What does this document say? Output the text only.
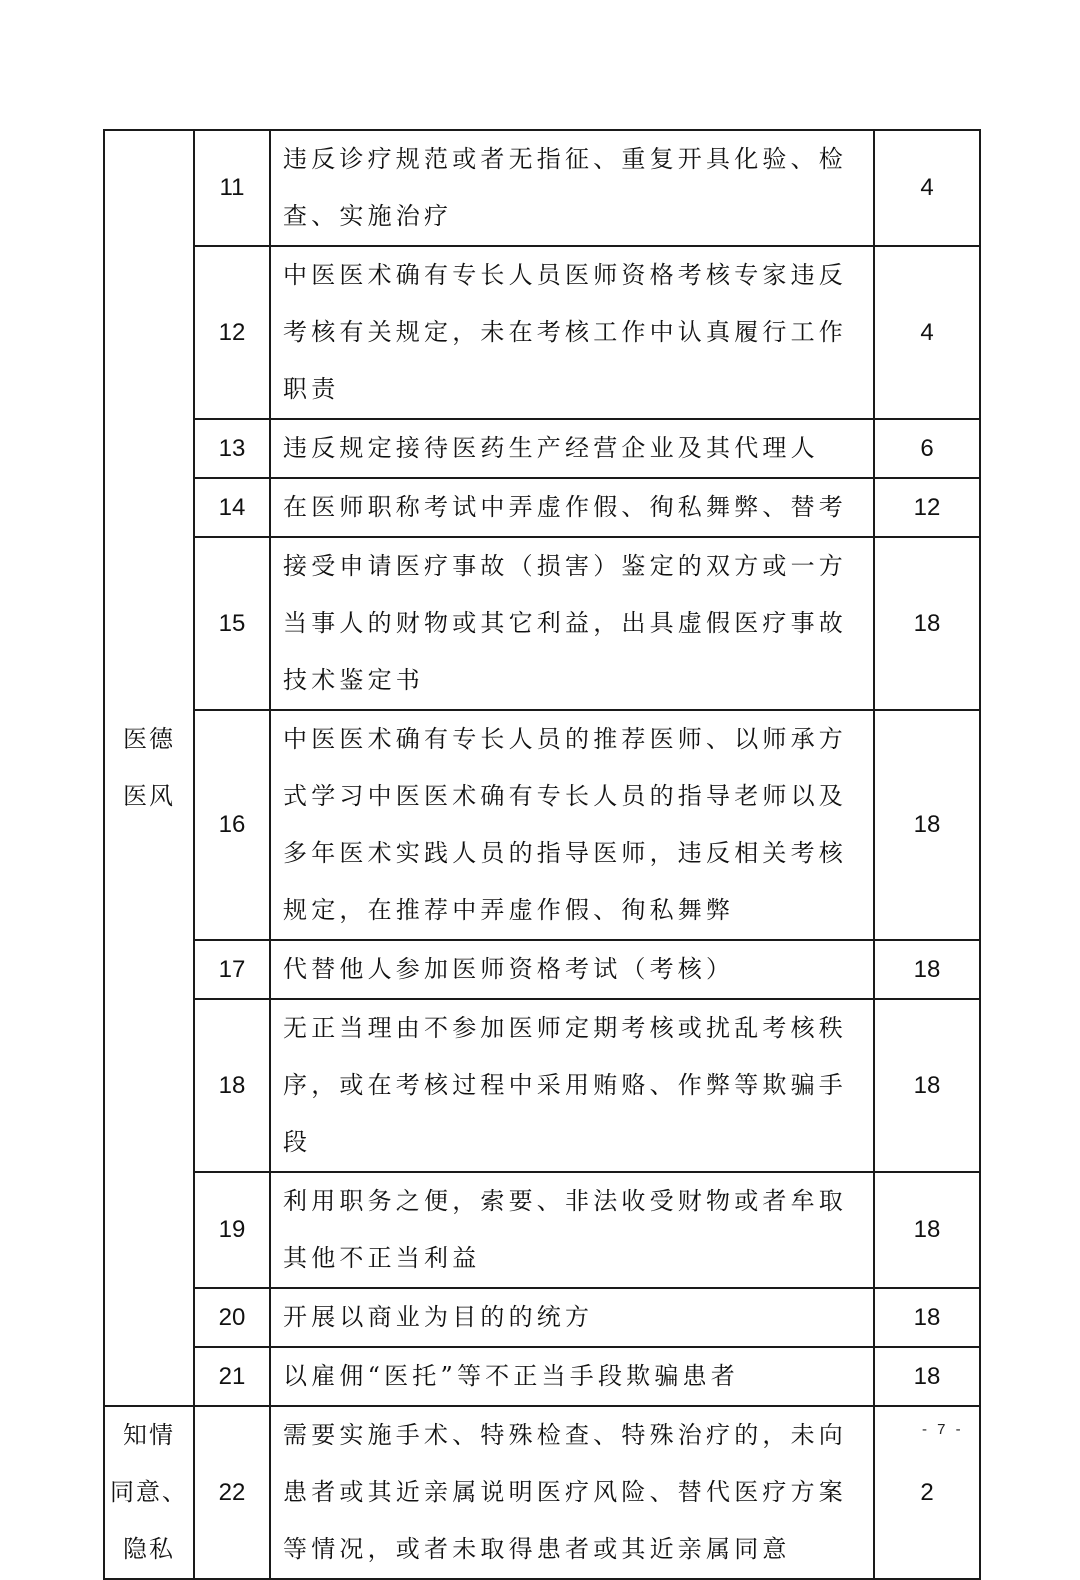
医德
医风	11	违反诊疗规范或者无指征、重复开具化验、检查、实施治疗	4
	12	中医医术确有专长人员医师资格考核专家违反考核有关规定，未在考核工作中认真履行工作职责	4
	13	违反规定接待医药生产经营企业及其代理人	6
	14	在医师职称考试中弄虚作假、徇私舞弊、替考	12
	15	接受申请医疗事故（损害）鉴定的双方或一方当事人的财物或其它利益，出具虚假医疗事故技术鉴定书	18
	16	中医医术确有专长人员的推荐医师、以师承方式学习中医医术确有专长人员的指导老师以及多年医术实践人员的指导医师，违反相关考核规定，在推荐中弄虚作假、徇私舞弊	18
	17	代替他人参加医师资格考试（考核）	18
	18	无正当理由不参加医师定期考核或扰乱考核秩序，或在考核过程中采用贿赂、作弊等欺骗手段	18
	19	利用职务之便，索要、非法收受财物或者牟取其他不正当利益	18
	20	开展以商业为目的的统方	18
	21	以雇佣“医托”等不正当手段欺骗患者	18

知情
同意、
隐私	22	需要实施手术、特殊检查、特殊治疗的，未向患者或其近亲属说明医疗风险、替代医疗方案等情况，或者未取得患者或其近亲属同意	2
- 7 -
